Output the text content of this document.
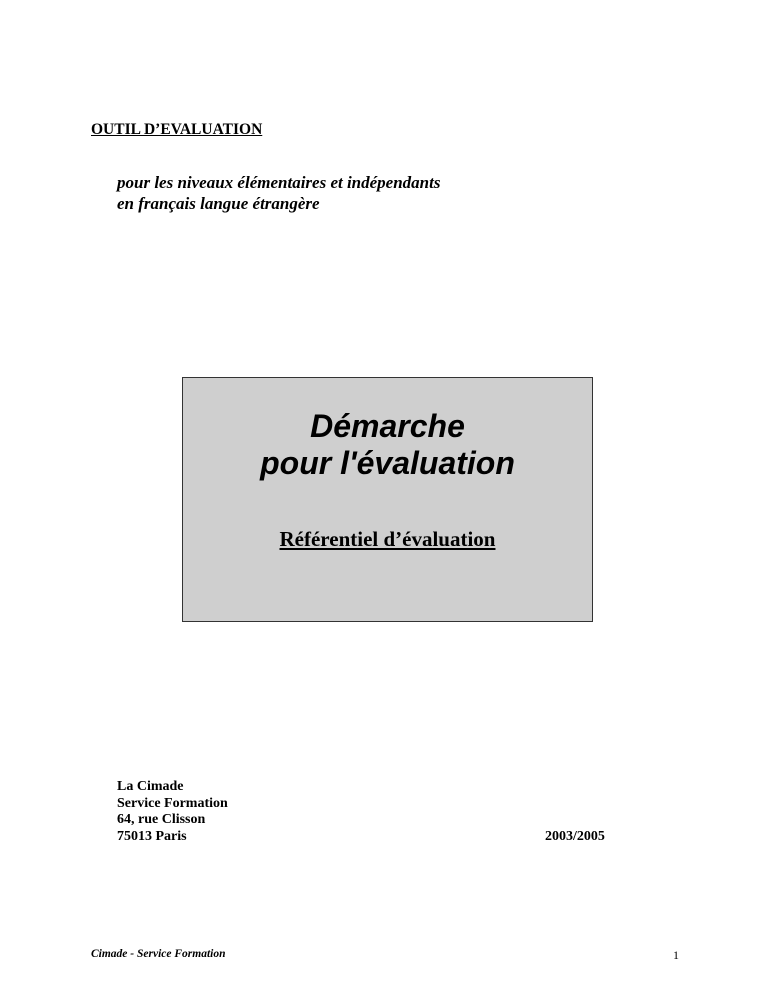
OUTIL D’EVALUATION
pour les niveaux élémentaires et indépendants
en français langue étrangère
Démarche
pour l'évaluation
Référentiel d’évaluation
La Cimade
Service Formation
64, rue Clisson
75013 Paris	2003/2005
Cimade - Service Formation	1
